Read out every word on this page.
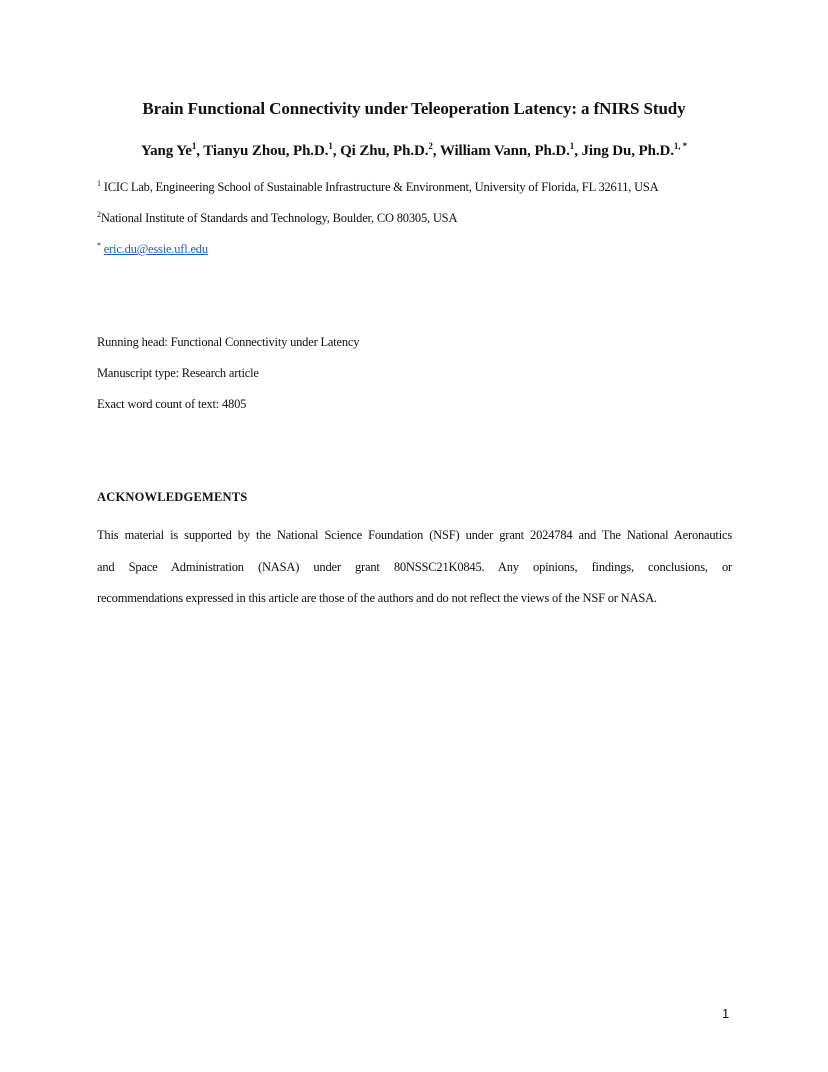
Brain Functional Connectivity under Teleoperation Latency: a fNIRS Study
Yang Ye$^1$, Tianyu Zhou, Ph.D.$^1$, Qi Zhu, Ph.D.$^2$, William Vann, Ph.D.$^1$, Jing Du, Ph.D.$^{1, *}$
$^1$ ICIC Lab, Engineering School of Sustainable Infrastructure & Environment, University of Florida, FL 32611, USA
$^2$National Institute of Standards and Technology, Boulder, CO 80305, USA
* eric.du@essie.ufl.edu
Running head: Functional Connectivity under Latency
Manuscript type: Research article
Exact word count of text: 4805
ACKNOWLEDGEMENTS
This material is supported by the National Science Foundation (NSF) under grant 2024784 and The National Aeronautics
and Space Administration (NASA) under grant 80NSSC21K0845. Any opinions, findings, conclusions, or
recommendations expressed in this article are those of the authors and do not reflect the views of the NSF or NASA.
1
